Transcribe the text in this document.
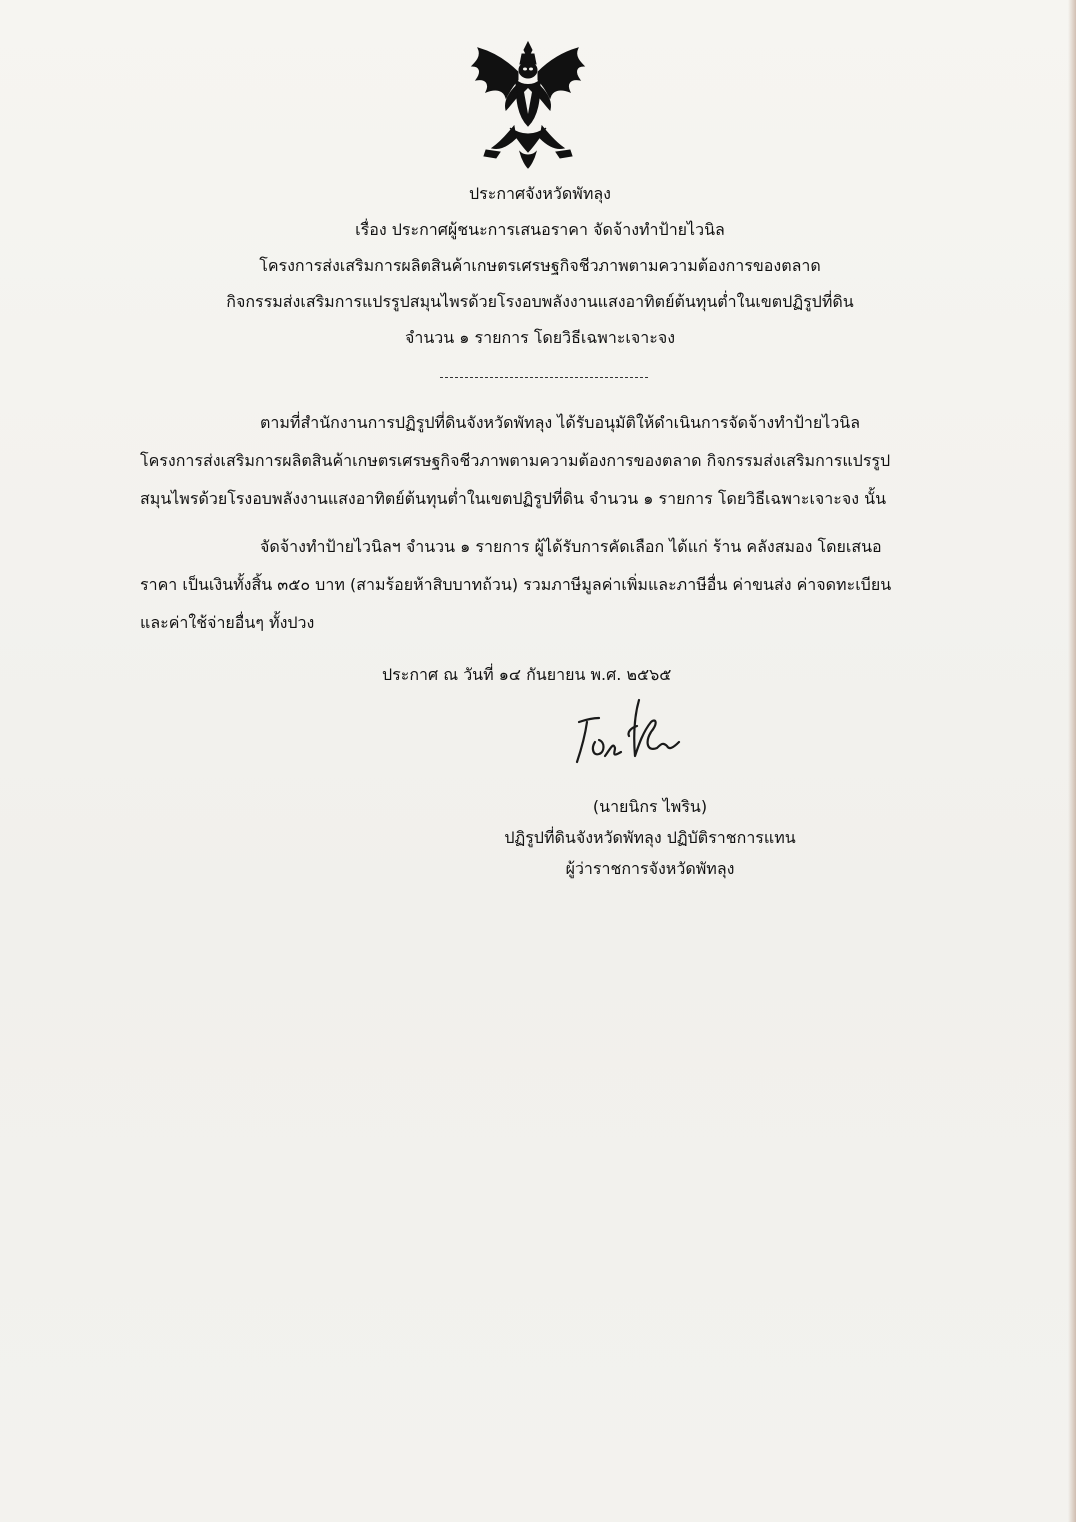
ประกาศจังหวัดพัทลุง
เรื่อง ประกาศผู้ชนะการเสนอราคา จัดจ้างทำป้ายไวนิล
โครงการส่งเสริมการผลิตสินค้าเกษตรเศรษฐกิจชีวภาพตามความต้องการของตลาด
กิจกรรมส่งเสริมการแปรรูปสมุนไพรด้วยโรงอบพลังงานแสงอาทิตย์ต้นทุนต่ำในเขตปฏิรูปที่ดิน
จำนวน ๑ รายการ โดยวิธีเฉพาะเจาะจง
ตามที่สำนักงานการปฏิรูปที่ดินจังหวัดพัทลุง ได้รับอนุมัติให้ดำเนินการจัดจ้างทำป้ายไวนิล
โครงการส่งเสริมการผลิตสินค้าเกษตรเศรษฐกิจชีวภาพตามความต้องการของตลาด กิจกรรมส่งเสริมการแปรรูป
สมุนไพรด้วยโรงอบพลังงานแสงอาทิตย์ต้นทุนต่ำในเขตปฏิรูปที่ดิน จำนวน ๑ รายการ โดยวิธีเฉพาะเจาะจง นั้น
จัดจ้างทำป้ายไวนิลฯ จำนวน ๑ รายการ ผู้ได้รับการคัดเลือก ได้แก่ ร้าน คลังสมอง โดยเสนอ
ราคา เป็นเงินทั้งสิ้น ๓๕๐ บาท (สามร้อยห้าสิบบาทถ้วน) รวมภาษีมูลค่าเพิ่มและภาษีอื่น ค่าขนส่ง ค่าจดทะเบียน
และค่าใช้จ่ายอื่นๆ ทั้งปวง
ประกาศ ณ วันที่ ๑๔ กันยายน พ.ศ. ๒๕๖๕
(นายนิกร ไพริน)
ปฏิรูปที่ดินจังหวัดพัทลุง ปฏิบัติราชการแทน
ผู้ว่าราชการจังหวัดพัทลุง
